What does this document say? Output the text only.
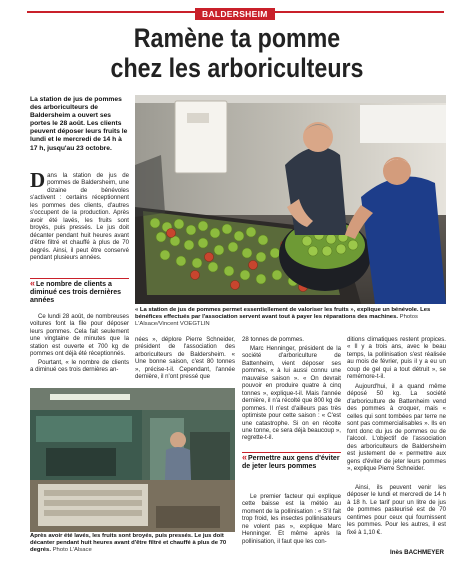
BALDERSHEIM
Ramène ta pomme
chez les arboriculteurs
La station de jus de pommes des arboriculteurs de Baldersheim a ouvert ses portes le 28 août. Les clients peuvent déposer leurs fruits le lundi et le mercredi de 14 h à 17 h, jusqu'au 23 octobre.
D ans la station de jus de pommes de Baldersheim, une dizaine de bénévoles s'activent : certains réceptionnent les pommes des clients, d'autres s'occupent de la production. Après avoir été lavés, les fruits sont broyés, puis pressés. Le jus doit décanter pendant huit heures avant d'être filtré et chauffé à plus de 70 degrés. Ainsi, il peut être conservé pendant plusieurs années.
«Le nombre de clients a diminué ces trois dernières années
Ce lundi 28 août, de nombreuses voitures font la file pour déposer leurs pommes. Cela fait seulement une vingtaine de minutes que la station est ouverte et 700 kg de pommes ont déjà été réceptionnés.
Pourtant, « le nombre de clients a diminué ces trois dernières an-
« La station de jus de pommes permet essentiellement de valoriser les fruits », explique un bénévole. Les bénéfices effectués par l'association servent avant tout à payer les réparations des machines. Photos L'Alsace/Vincent VOEGTLIN
nées », déplore Pierre Schneider, président de l'association des arboriculteurs de Baldersheim. « Une bonne saison, c'est 80 tonnes », précise-t-il. Cependant, l'année dernière, il n'ont pressé que
Après avoir été lavés, les fruits sont broyés, puis pressés. Le jus doit décanter pendant huit heures avant d'être filtré et chauffé à plus de 70 degrés. Photo L'Alsace
28 tonnes de pommes.
Marc Henninger, président de la société d'arboriculture de Battenheim, vient déposer ses pommes, « à lui aussi connu une mauvaise saison ». « On devrait pouvoir en produire quatre à cinq tonnes », explique-t-il. Mais l'année dernière, il n'a récolté que 800 kg de pommes. Il n'est d'ailleurs pas très optimiste pour cette saison : « C'est une catastrophe. Si on en récolte une tonne, ce sera déjà beaucoup », regrette-t-il.
«Permettre aux gens d'éviter de jeter leurs pommes
Le premier facteur qui explique cette baisse est la météo au moment de la pollinisation : « S'il fait trop froid, les insectes pollinisateurs ne volent pas », explique Marc Henninger. Et même après la pollinisation, il faut que les con-
ditions climatiques restent propices. « Il y a trois ans, avec le beau temps, la pollinisation s'est réalisée au mois de février, puis il y a eu un coup de gel qui a tout détruit », se remémore-t-il.
Aujourd'hui, il a quand même déposé 50 kg. La société d'arboriculture de Battenheim vend des pommes à croquer, mais « celles qui sont tombées par terre ne sont pas commercialisables ». Ils en font donc du jus de pommes ou de l'alcool. L'objectif de l'association des arboriculteurs de Baldersheim est justement de « permettre aux gens d'éviter de jeter leurs pommes », explique Pierre Schneider.
Ainsi, ils peuvent venir les déposer le lundi et mercredi de 14 h à 18 h. Le tarif pour un litre de jus de pommes pasteurisé est de 70 centimes pour ceux qui fournissent les pommes. Pour les autres, il est fixé à 1,10 €.
Inès BACHMEYER
